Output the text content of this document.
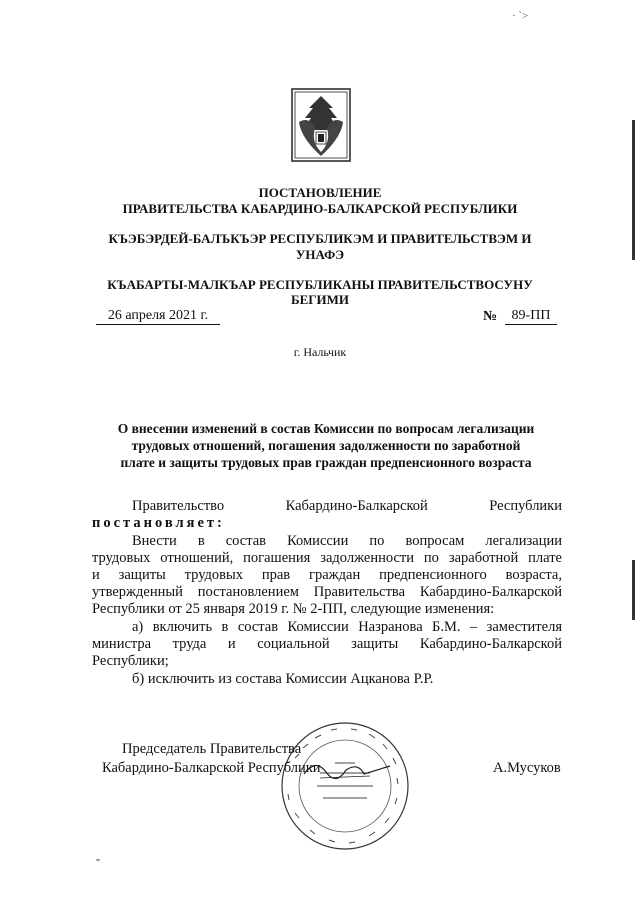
· ˋ>
ПОСТАНОВЛЕНИЕ
ПРАВИТЕЛЬСТВА КАБАРДИНО-БАЛКАРСКОЙ РЕСПУБЛИКИ
КЪЭБЭРДЕЙ-БАЛЪКЪЭР РЕСПУБЛИКЭМ И ПРАВИТЕЛЬСТВЭМ И
УНАФЭ
КЪАБАРТЫ-МАЛКЪАР РЕСПУБЛИКАНЫ ПРАВИТЕЛЬСТВОСУНУ
БЕГИМИ
26 апреля 2021 г.	№	89-ПП
г. Нальчик
О внесении изменений в состав Комиссии по вопросам легализации
трудовых отношений, погашения задолженности по заработной
плате и защиты трудовых прав граждан предпенсионного возраста
Правительство	Кабардино-Балкарской	Республики
постановляет:
Внести в состав Комиссии по вопросам легализации
трудовых отношений, погашения задолженности по заработной плате
и защиты трудовых прав граждан предпенсионного возраста,
утвержденный постановлением Правительства Кабардино-Балкарской
Республики от 25 января 2019 г. № 2-ПП, следующие изменения:
а) включить в состав Комиссии Назранова Б.М. – заместителя
министра труда и социальной защиты Кабардино-Балкарской
Республики;
б) исключить из состава Комиссии Ацканова Р.Р.
Председатель Правительства
Кабардино-Балкарской Республики	А.Мусуков
"
